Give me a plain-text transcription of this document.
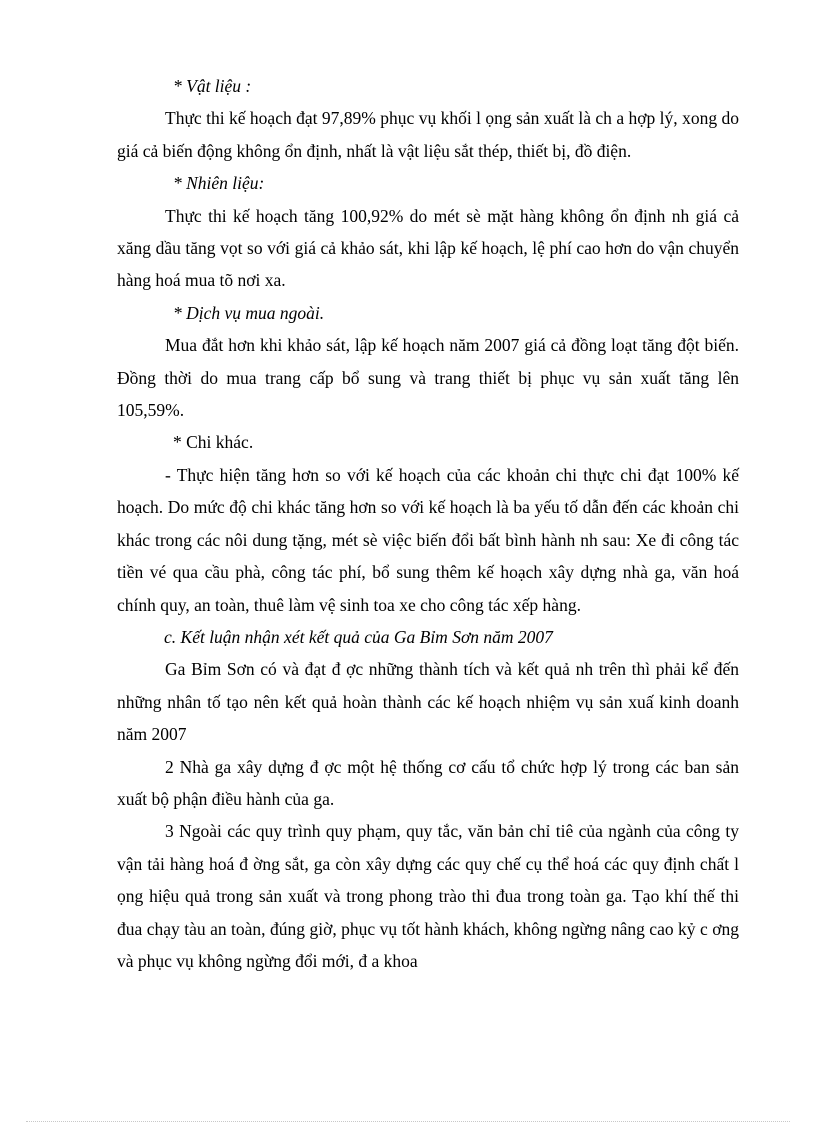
* Vật liệu :

Thực thi kế hoạch đạt 97,89% phục vụ khối l ọng sản xuất là ch a hợp lý, xong do giá cả biến động không ổn định, nhất là vật liệu sắt thép, thiết bị, đồ điện.

* Nhiên liệu:

Thực thi kế hoạch tăng 100,92% do mét sè mặt hàng không ổn định nh giá cả xăng dầu tăng vọt so với giá cả khảo sát, khi lập kế hoạch, lệ phí cao hơn do vận chuyển hàng hoá mua tõ nơi xa.

* Dịch vụ mua ngoài.

Mua đắt hơn khi khảo sát, lập kế hoạch năm 2007 giá cả đồng loạt tăng đột biến. Đồng thời do mua trang cấp bổ sung và trang thiết bị phục vụ sản xuất tăng lên 105,59%.

* Chi khác.

- Thực hiện tăng hơn so với kế hoạch của các khoản chi thực chi đạt 100% kế hoạch. Do mức độ chi khác tăng hơn so với kế hoạch là ba yếu tố dẫn đến các khoản chi khác trong các nôi dung tặng, mét sè việc biến đổi bất bình hành nh sau: Xe đi công tác tiền vé qua cầu phà, công tác phí, bổ sung thêm kế hoạch xây dựng nhà ga, văn hoá chính quy, an toàn, thuê làm vệ sinh toa xe cho công tác xếp hàng.

c. Kết luận nhận xét kết quả của Ga Bỉm Sơn năm 2007

Ga Bỉm Sơn có và đạt đ ợc những thành tích và kết quả nh trên thì phải kể đến những nhân tố tạo nên kết quả hoàn thành các kế hoạch nhiệm vụ sản xuấ kinh doanh năm 2007

2 Nhà ga xây dựng đ ợc một hệ thống cơ cấu tổ chức hợp lý trong các ban sản xuất bộ phận điều hành của ga.

3 Ngoài các quy trình quy phạm, quy tắc, văn bản chỉ tiê của ngành của công ty vận tải hàng hoá đ ờng sắt, ga còn xây dựng các quy chế cụ thể hoá các quy định chất l ọng hiệu quả trong sản xuất và trong phong trào thi đua trong toàn ga. Tạo khí thế thi đua chạy tàu an toàn, đúng giờ, phục vụ tốt hành khách, không ngừng nâng cao kỷ c ơng và phục vụ không ngừng đổi mới, đ a khoa
